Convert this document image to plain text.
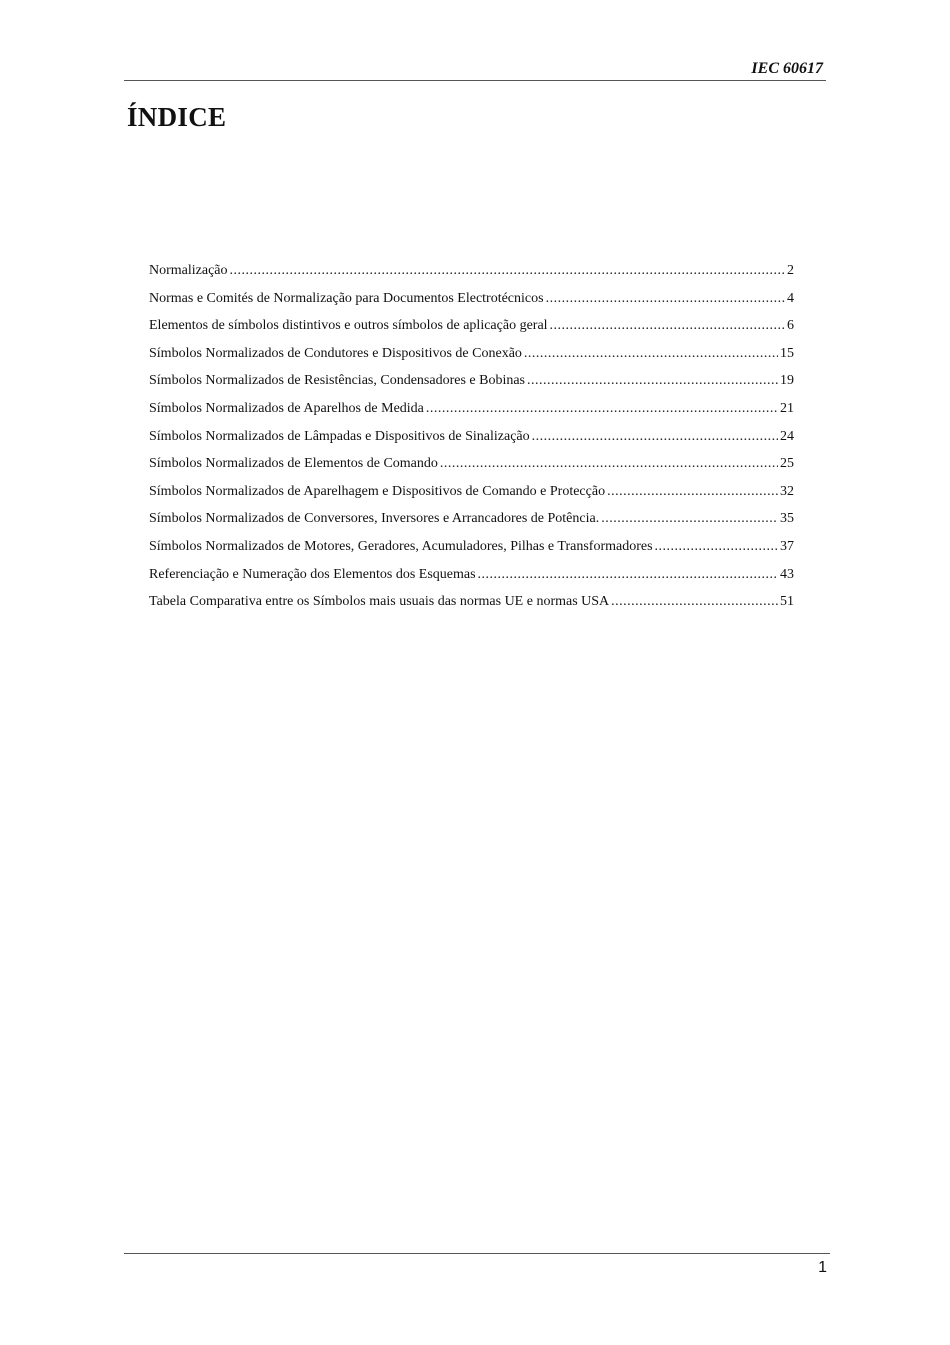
IEC 60617
ÍNDICE
Normalização .....	2
Normas e Comités de Normalização para Documentos Electrotécnicos .....	4
Elementos de símbolos distintivos e outros símbolos de aplicação geral .....	6
Símbolos Normalizados de Condutores e Dispositivos de Conexão .....	15
Símbolos Normalizados de Resistências, Condensadores e Bobinas .....	19
Símbolos Normalizados de Aparelhos de Medida .....	21
Símbolos Normalizados de Lâmpadas e Dispositivos de Sinalização .....	24
Símbolos Normalizados de Elementos de Comando .....	25
Símbolos Normalizados de Aparelhagem e Dispositivos de Comando e Protecção .....	32
Símbolos Normalizados de Conversores, Inversores e Arrancadores de Potência. .....	35
Símbolos Normalizados de Motores, Geradores, Acumuladores, Pilhas e Transformadores .....	37
Referenciação e Numeração dos Elementos dos Esquemas .....	43
Tabela Comparativa entre os Símbolos mais usuais das normas UE e normas USA .....	51
1
